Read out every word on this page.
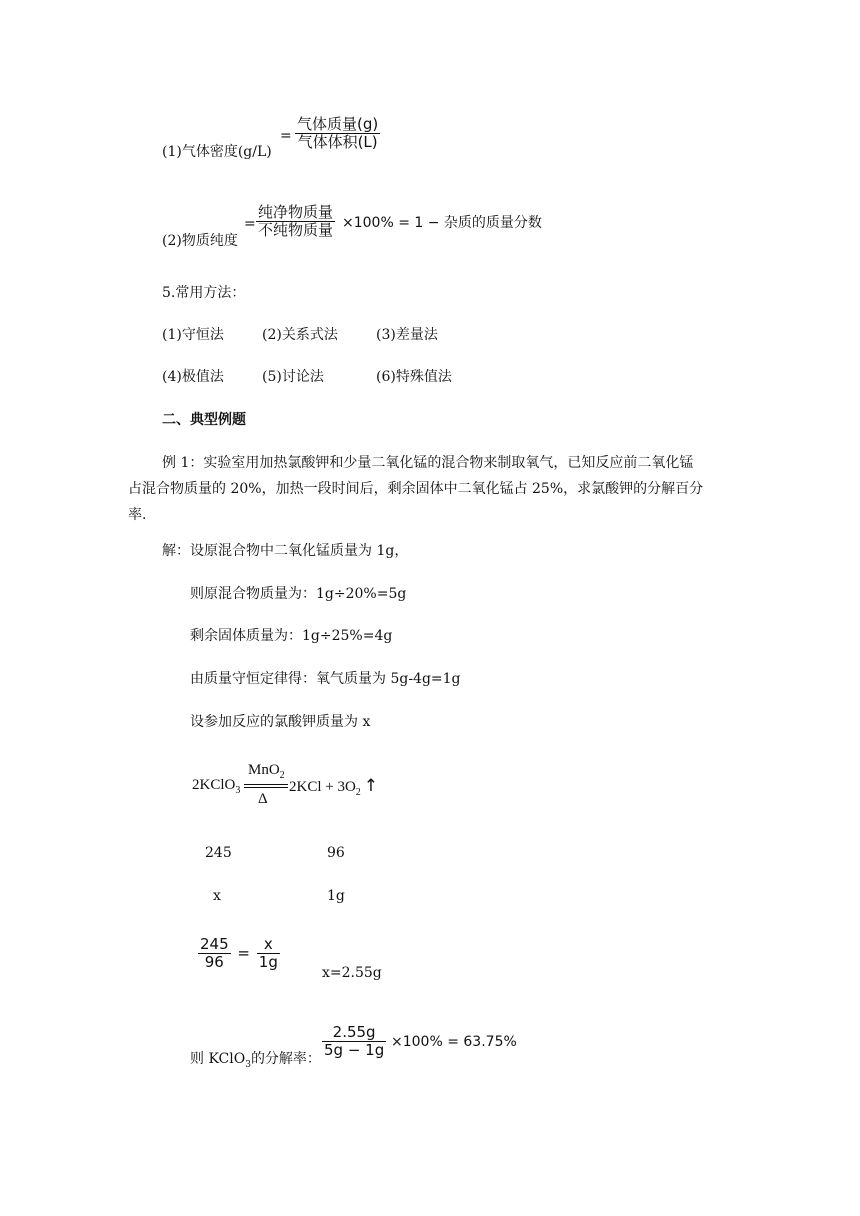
(1)气体密度(g/L)
=
气体质量(g)
气体体积(L)
(2)物质纯度
=
纯净物质量
不纯物质量 ×100% = 1 − 杂质的质量分数
5.常用方法：
(1)守恒法	(2)关系式法	(3)差量法
(4)极值法	(5)讨论法	(6)特殊值法
二、典型例题
例 1：实验室用加热氯酸钾和少量二氧化锰的混合物来制取氧气，已知反应前二氧化锰
占混合物质量的 20%，加热一段时间后，剩余固体中二氧化锰占 25%，求氯酸钾的分解百分
率.
解：设原混合物中二氧化锰质量为 1g，
则原混合物质量为：1g÷20%=5g
剩余固体质量为：1g÷25%=4g
由质量守恒定律得：氧气质量为 5g-4g=1g
设参加反应的氯酸钾质量为 x
2KClO$_3$
MnO$_2$
Δ
$2KCl + 3O_2$ ↑
245	96
x	1g
$\frac{245}{96} = \frac{x}{1g}$
x=2.55g
则 KClO$_3$的分解率： $\frac{2.55g}{5g - 1g} \times 100\% = 63.75\%$
